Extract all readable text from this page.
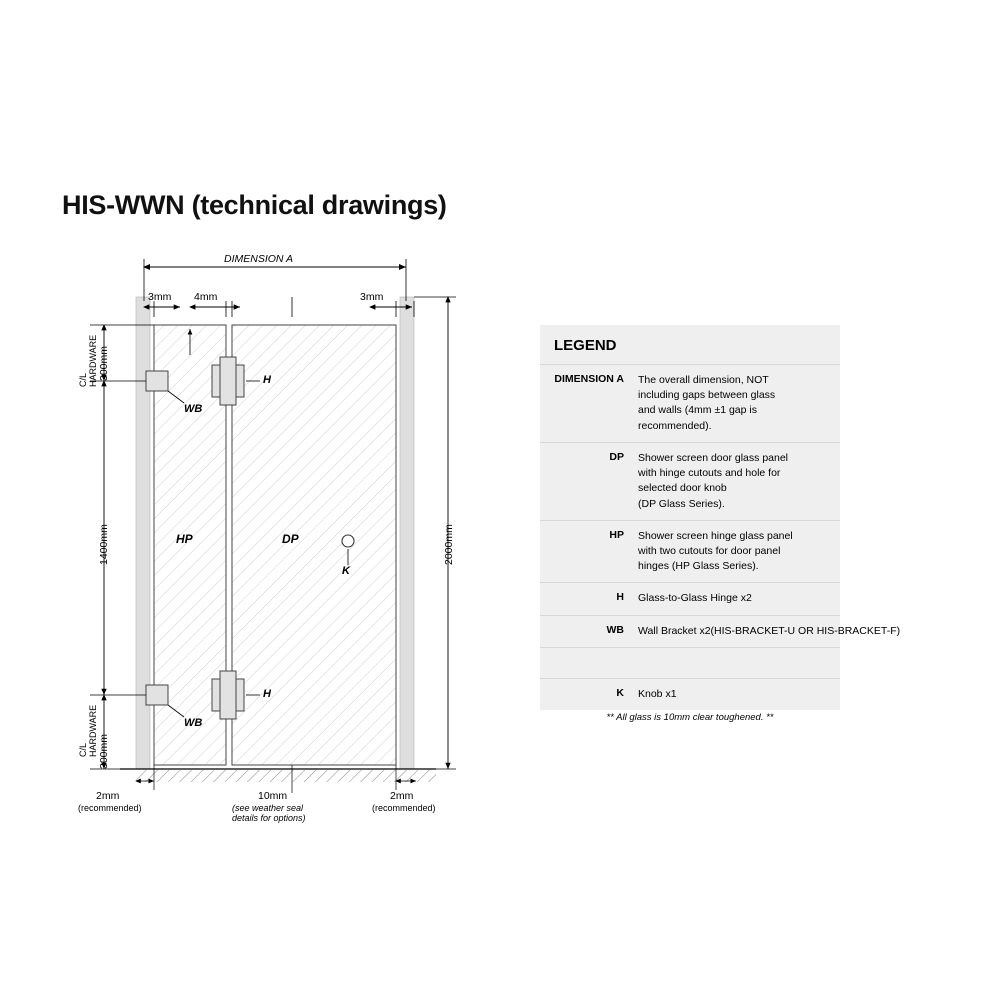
HIS-WWN (technical drawings)
DIMENSION A
3mm 4mm	3mm
C/L
HARDWARE 300mm
1400mm
C/L
HARDWARE 300mm
2000mm
HP	DP
H
H
WB
WB
K
2mm
(recommended)
10mm
(see weather seal
details for options)
2mm
(recommended)
LEGEND
DIMENSION A	The overall dimension, NOT
including gaps between glass
and walls (4mm ±1 gap is
recommended).
DP	Shower screen door glass panel
with hinge cutouts and hole for
selected door knob
(DP Glass Series).
HP	Shower screen hinge glass panel
with two cutouts for door panel
hinges (HP Glass Series).
H	Glass-to-Glass Hinge x2
WB	Wall Bracket x2(HIS-BRACKET-U OR HIS-BRACKET-F)
K	Knob x1
** All glass is 10mm clear toughened. **
